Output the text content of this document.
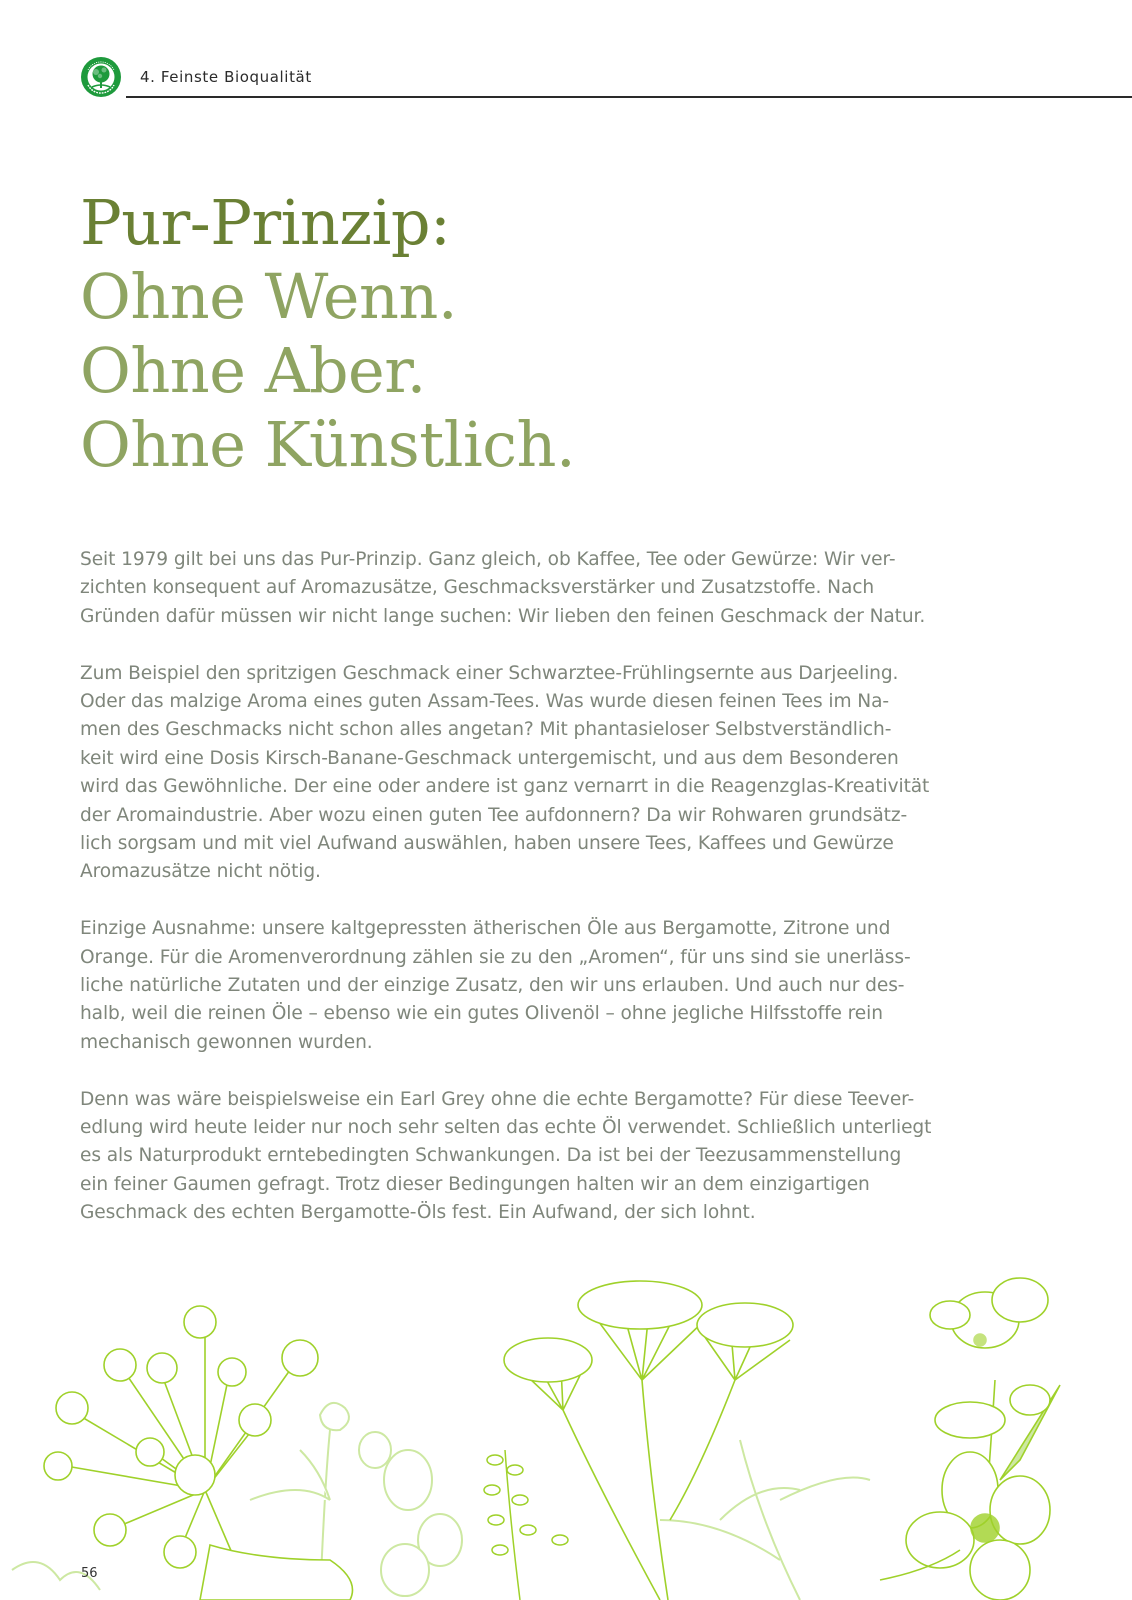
4. Feinste Bioqualität
Pur-Prinzip:
Ohne Wenn.
Ohne Aber.
Ohne Künstlich.

Seit 1979 gilt bei uns das Pur-Prinzip. Ganz gleich, ob Kaffee, Tee oder Gewürze: Wir ver-
zichten konsequent auf Aromazusätze, Geschmacksverstärker und Zusatzstoffe. Nach
Gründen dafür müssen wir nicht lange suchen: Wir lieben den feinen Geschmack der Natur.

Zum Beispiel den spritzigen Geschmack einer Schwarztee-Frühlingsernte aus Darjeeling.
Oder das malzige Aroma eines guten Assam-Tees. Was wurde diesen feinen Tees im Na-
men des Geschmacks nicht schon alles angetan? Mit phantasieloser Selbstverständlich-
keit wird eine Dosis Kirsch-Banane-Geschmack untergemischt, und aus dem Besonderen
wird das Gewöhnliche. Der eine oder andere ist ganz vernarrt in die Reagenzglas-Kreativität
der Aromaindustrie. Aber wozu einen guten Tee aufdonnern? Da wir Rohwaren grundsätz-
lich sorgsam und mit viel Aufwand auswählen, haben unsere Tees, Kaffees und Gewürze
Aromazusätze nicht nötig.

Einzige Ausnahme: unsere kaltgepressten ätherischen Öle aus Bergamotte, Zitrone und
Orange. Für die Aromenverordnung zählen sie zu den „Aromen“, für uns sind sie unerläss-
liche natürliche Zutaten und der einzige Zusatz, den wir uns erlauben. Und auch nur des-
halb, weil die reinen Öle – ebenso wie ein gutes Olivenöl – ohne jegliche Hilfsstoffe rein
mechanisch gewonnen wurden.

Denn was wäre beispielsweise ein Earl Grey ohne die echte Bergamotte? Für diese Teever-
edlung wird heute leider nur noch sehr selten das echte Öl verwendet. Schließlich unterliegt
es als Naturprodukt erntebedingten Schwankungen. Da ist bei der Teezusammenstellung
ein feiner Gaumen gefragt. Trotz dieser Bedingungen halten wir an dem einzigartigen
Geschmack des echten Bergamotte-Öls fest. Ein Aufwand, der sich lohnt.

56
